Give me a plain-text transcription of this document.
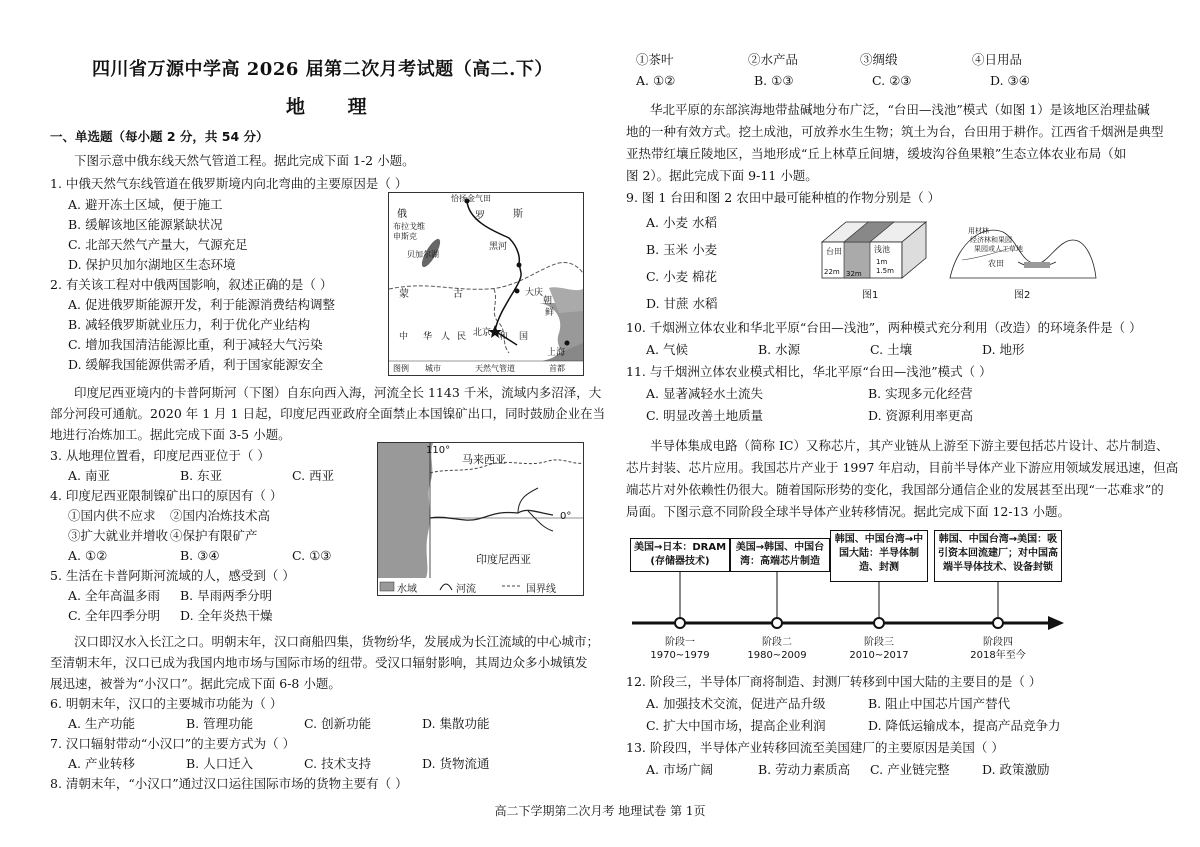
四川省万源中学高 2026 届第二次月考试题（高二.下）
地 理
一、单选题（每小题 2 分，共 54 分）
下图示意中俄东线天然气管道工程。据此完成下面 1-2 小题。
1. 中俄天然气东线管道在俄罗斯境内向北弯曲的主要原因是（ ）
A. 避开冻土区域，便于施工
B. 缓解该地区能源紧缺状况
C. 北部天然气产量大，气源充足
D. 保护贝加尔湖地区生态环境
2. 有关该工程对中俄两国影响，叙述正确的是（ ）
A. 促进俄罗斯能源开发，利于能源消费结构调整
B. 减轻俄罗斯就业压力，利于优化产业结构
C. 增加我国清洁能源比重，利于减轻大气污染
D. 缓解我国能源供需矛盾，利于国家能源安全
俄	罗	斯
布拉戈维
申斯克
恰扬金气田
贝加尔湖
蒙	古
黑河
大庆
北京
上海
朝
鲜
中 华 人 民	和 国
图例 城市	天然气管道	首都
印度尼西亚境内的卡普阿斯河（下图）自东向西入海，河流全长 1143 千米，流域内多沼泽，大
部分河段可通航。2020 年 1 月 1 日起，印度尼西亚政府全面禁止本国镍矿出口，同时鼓励企业在当
地进行冶炼加工。据此完成下面 3-5 小题。
3. 从地理位置看，印度尼西亚位于（ ）
A. 南亚	B. 东亚	C. 西亚
4. 印度尼西亚限制镍矿出口的原因有（ ）
①国内供不应求 ②国内冶炼技术高
③扩大就业并增收 ④保护有限矿产
A. ①②	B. ③④	C. ①③
5. 生活在卡普阿斯河流域的人，感受到（ ）
A. 全年高温多雨 B. 旱雨两季分明
C. 全年四季分明 D. 全年炎热干燥
110°
0°
马来西亚
印度尼西亚
水域	河流	国界线
汉口即汉水入长江之口。明朝末年，汉口商船四集，货物纷华，发展成为长江流域的中心城市；
至清朝末年，汉口已成为我国内地市场与国际市场的纽带。受汉口辐射影响，其周边众多小城镇发
展迅速，被誉为“小汉口”。据此完成下面 6-8 小题。
6. 明朝末年，汉口的主要城市功能为（ ）
A. 生产功能	B. 管理功能	C. 创新功能	D. 集散功能
7. 汉口辐射带动“小汉口”的主要方式为（ ）
A. 产业转移	B. 人口迁入	C. 技术支持	D. 货物流通
8. 清朝末年，“小汉口”通过汉口运往国际市场的货物主要有（ ）
①茶叶	②水产品	③绸缎	④日用品
A. ①②	B. ①③	C. ②③	D. ③④
华北平原的东部滨海地带盐碱地分布广泛，“台田—浅池”模式（如图 1）是该地区治理盐碱
地的一种有效方式。挖土成池，可放养水生生物；筑土为台，台田用于耕作。江西省千烟洲是典型
亚热带红壤丘陵地区，当地形成“丘上林草丘间塘，缓坡沟谷鱼果粮”生态立体农业布局（如
图 2）。据此完成下面 9-11 小题。
9. 图 1 台田和图 2 农田中最可能种植的作物分别是（ ）
A. 小麦 水稻
B. 玉米 小麦
C. 小麦 棉花
D. 甘蔗 水稻
台田	浅池
22m 32m
1m
1.5m
图1
用材林
经济林和果园
果园或人工草地
农田
图2
10. 千烟洲立体农业和华北平原“台田—浅池”，两种模式充分利用（改造）的环境条件是（ ）
A. 气候	B. 水源	C. 土壤	D. 地形
11. 与千烟洲立体农业模式相比，华北平原“台田—浅池”模式（ ）
A. 显著减轻水土流失	B. 实现多元化经营
C. 明显改善土地质量	D. 资源利用率更高
半导体集成电路（简称 IC）又称芯片，其产业链从上游至下游主要包括芯片设计、芯片制造、
芯片封装、芯片应用。我国芯片产业于 1997 年启动，目前半导体产业下游应用领域发展迅速，但高
端芯片对外依赖性仍很大。随着国际形势的变化，我国部分通信企业的发展甚至出现“一芯难求”的
局面。下图示意不同阶段全球半导体产业转移情况。据此完成下面 12-13 小题。
美国→日本：DRAM
(存储器技术)
美国→韩国、中国台
湾：高端芯片制造
韩国、中国台湾→中
国大陆：半导体制
造、封测
韩国、中国台湾→美国：吸
引资本回流建厂；对中国高
端半导体技术、设备封锁
阶段一
1970~1979
阶段二
1980~2009
阶段三
2010~2017
阶段四
2018年至今
12. 阶段三，半导体厂商将制造、封测厂转移到中国大陆的主要目的是（ ）
A. 加强技术交流，促进产品升级	B. 阻止中国芯片国产替代
C. 扩大中国市场，提高企业利润	D. 降低运输成本，提高产品竞争力
13. 阶段四，半导体产业转移回流至美国建厂的主要原因是美国（ ）
A. 市场广阔	B. 劳动力素质高 C. 产业链完整	D. 政策激励
高二下学期第二次月考 地理试卷 第 1页
